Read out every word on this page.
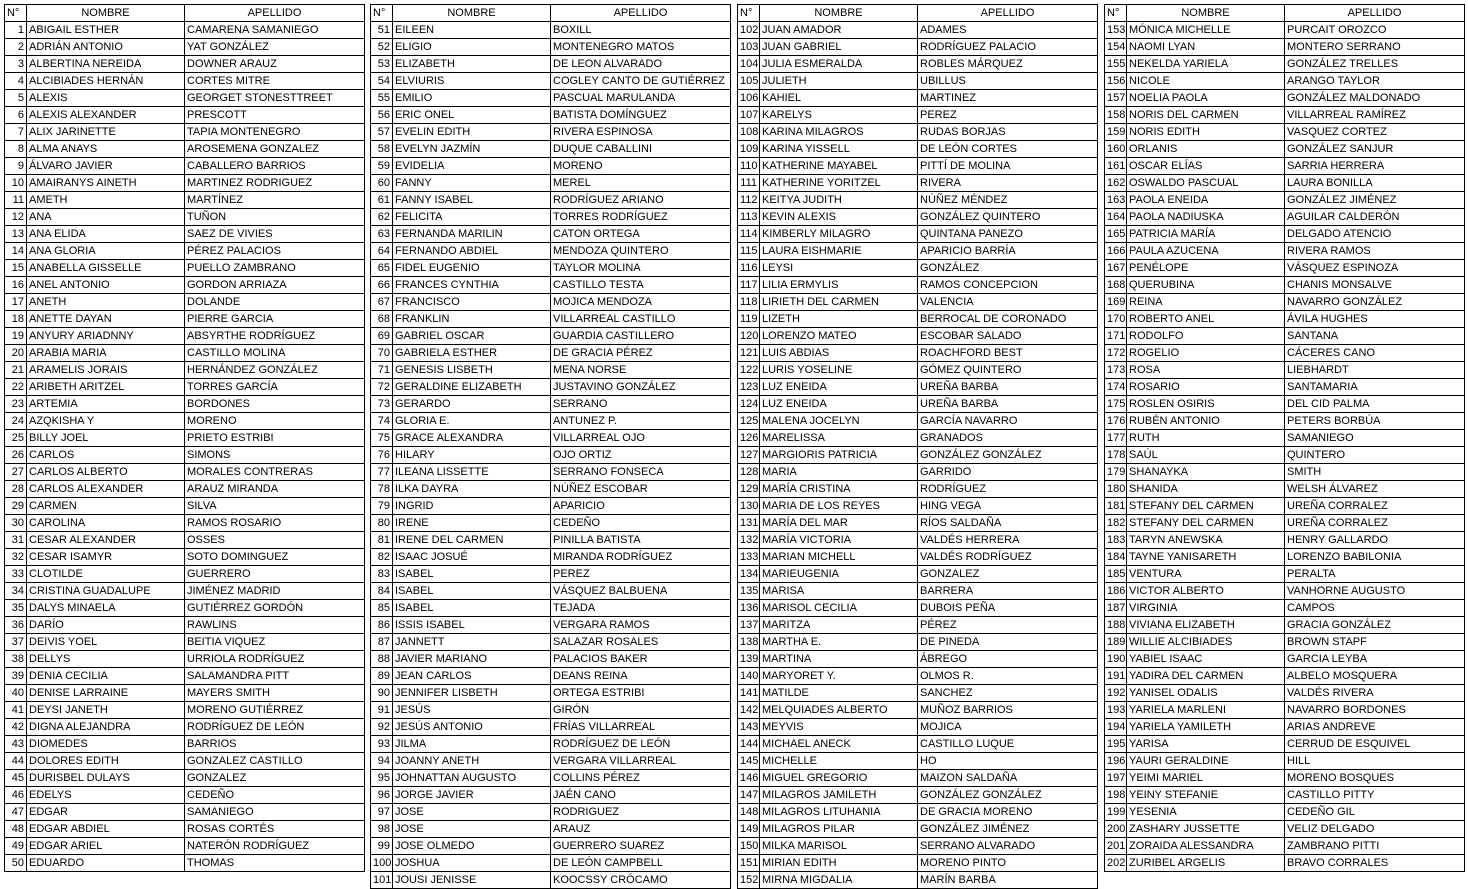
N°	NOMBRE	APELLIDO
1	ABIGAIL ESTHER	CAMARENA SAMANIEGO
2	ADRIÁN ANTONIO	YAT GONZÁLEZ
3	ALBERTINA NEREIDA	DOWNER ARAUZ
4	ALCIBIADES HERNÁN	CORTES MITRE
5	ALEXIS	GEORGET STONESTTREET
6	ALEXIS ALEXANDER	PRESCOTT
7	ALIX JARINETTE	TAPIA MONTENEGRO
8	ALMA ANAYS	AROSEMENA GONZALEZ
9	ÁLVARO JAVIER	CABALLERO BARRIOS
10	AMAIRANYS AINETH	MARTINEZ RODRIGUEZ
11	AMETH	MARTÍNEZ
12	ANA	TUÑON
13	ANA ELIDA	SAEZ DE VIVIES
14	ANA GLORIA	PÉREZ PALACIOS
15	ANABELLA GISSELLE	PUELLO ZAMBRANO
16	ANEL ANTONIO	GORDON ARRIAZA
17	ANETH	DOLANDE
18	ANETTE DAYAN	PIERRE GARCIA
19	ANYURY ARIADNNY	ABSYRTHE RODRÍGUEZ
20	ARABIA MARIA	CASTILLO MOLINA
21	ARAMELIS JORAIS	HERNÁNDEZ GONZÁLEZ
22	ARIBETH ARITZEL	TORRES GARCÍA
23	ARTEMIA	BORDONES
24	AZQKISHA Y	MORENO
25	BILLY JOEL	PRIETO ESTRIBI
26	CARLOS	SIMONS
27	CARLOS ALBERTO	MORALES CONTRERAS
28	CARLOS ALEXANDER	ARAUZ MIRANDA
29	CARMEN	SILVA
30	CAROLINA	RAMOS ROSARIO
31	CESAR ALEXANDER	OSSES
32	CESAR ISAMYR	SOTO DOMINGUEZ
33	CLOTILDE	GUERRERO
34	CRISTINA GUADALUPE	JIMÉNEZ MADRID
35	DALYS MINAELA	GUTIÉRREZ GORDÓN
36	DARÍO	RAWLINS
37	DEIVIS YOEL	BEITIA VIQUEZ
38	DELLYS	URRIOLA RODRÍGUEZ
39	DENIA CECILIA	SALAMANDRA PITT
40	DENISE LARRAINE	MAYERS SMITH
41	DEYSI JANETH	MORENO GUTIÉRREZ
42	DIGNA ALEJANDRA	RODRÍGUEZ DE LEÓN
43	DIOMEDES	BARRIOS
44	DOLORES EDITH	GONZALEZ CASTILLO
45	DURISBEL DULAYS	GONZALEZ
46	EDELYS	CEDEÑO
47	EDGAR	SAMANIEGO
48	EDGAR ABDIEL	ROSAS CORTÉS
49	EDGAR ARIEL	NATERÓN RODRÍGUEZ
50	EDUARDO	THOMAS
N°	NOMBRE	APELLIDO
51	EILEEN	BOXILL
52	ELIGIO	MONTENEGRO MATOS
53	ELIZABETH	DE LEON ALVARADO
54	ELVIURIS	COGLEY CANTO DE GUTIÉRREZ
55	EMILIO	PASCUAL MARULANDA
56	ERIC ONEL	BATISTA DOMÍNGUEZ
57	EVELIN EDITH	RIVERA ESPINOSA
58	EVELYN JAZMÍN	DUQUE CABALLINI
59	EVIDELIA	MORENO
60	FANNY	MEREL
61	FANNY ISABEL	RODRÍGUEZ ARIANO
62	FELICITA	TORRES RODRÍGUEZ
63	FERNANDA MARILIN	CATON ORTEGA
64	FERNANDO ABDIEL	MENDOZA QUINTERO
65	FIDEL EUGENIO	TAYLOR MOLINA
66	FRANCES CYNTHIA	CASTILLO TESTA
67	FRANCISCO	MOJICA MENDOZA
68	FRANKLIN	VILLARREAL CASTILLO
69	GABRIEL OSCAR	GUARDIA CASTILLERO
70	GABRIELA ESTHER	DE GRACIA PÉREZ
71	GENESIS LISBETH	MENA NORSE
72	GERALDINE ELIZABETH	JUSTAVINO GONZÁLEZ
73	GERARDO	SERRANO
74	GLORIA E.	ANTUNEZ P.
75	GRACE ALEXANDRA	VILLARREAL OJO
76	HILARY	OJO ORTIZ
77	ILEANA LISSETTE	SERRANO FONSECA
78	ILKA DAYRA	NÚÑEZ ESCOBAR
79	INGRID	APARICIO
80	IRENE	CEDEÑO
81	IRENE DEL CARMEN	PINILLA BATISTA
82	ISAAC JOSUÉ	MIRANDA RODRÍGUEZ
83	ISABEL	PEREZ
84	ISABEL	VÁSQUEZ BALBUENA
85	ISABEL	TEJADA
86	ISSIS ISABEL	VERGARA RAMOS
87	JANNETT	SALAZAR ROSALES
88	JAVIER MARIANO	PALACIOS BAKER
89	JEAN CARLOS	DEANS REINA
90	JENNIFER LISBETH	ORTEGA ESTRIBI
91	JESÚS	GIRÓN
92	JESÚS ANTONIO	FRÍAS VILLARREAL
93	JILMA	RODRÍGUEZ DE LEÓN
94	JOANNY ANETH	VERGARA VILLARREAL
95	JOHNATTAN AUGUSTO	COLLINS PÉREZ
96	JORGE JAVIER	JAÉN CANO
97	JOSE	RODRIGUEZ
98	JOSE	ARAUZ
99	JOSE OLMEDO	GUERRERO SUAREZ
100	JOSHUA	DE LEÓN CAMPBELL
101	JOUSI JENISSE	KOOCSSY CRÓCAMO
N°	NOMBRE	APELLIDO
102	JUAN AMADOR	ADAMES
103	JUAN GABRIEL	RODRÍGUEZ PALACIO
104	JULIA ESMERALDA	ROBLES MÁRQUEZ
105	JULIETH	UBILLUS
106	KAHIEL	MARTINEZ
107	KARELYS	PEREZ
108	KARINA MILAGROS	RUDAS BORJAS
109	KARINA YISSELL	DE LEÓN CORTES
110	KATHERINE MAYABEL	PITTÍ DE MOLINA
111	KATHERINE YORITZEL	RIVERA
112	KEITYA JUDITH	NÚÑEZ MÉNDEZ
113	KEVIN ALEXIS	GONZÁLEZ QUINTERO
114	KIMBERLY MILAGRO	QUINTANA PANEZO
115	LAURA EISHMARIE	APARICIO BARRÍA
116	LEYSI	GONZÁLEZ
117	LILIA ERMYLIS	RAMOS CONCEPCION
118	LIRIETH DEL CARMEN	VALENCIA
119	LIZETH	BERROCAL DE CORONADO
120	LORENZO MATEO	ESCOBAR SALADO
121	LUIS ABDIAS	ROACHFORD BEST
122	LURIS YOSELINE	GÓMEZ QUINTERO
123	LUZ ENEIDA	UREÑA BARBA
124	LUZ ENEIDA	UREÑA BARBA
125	MALENA JOCELYN	GARCÍA NAVARRO
126	MARELISSA	GRANADOS
127	MARGIORIS PATRICIA	GONZÁLEZ GONZÁLEZ
128	MARIA	GARRIDO
129	MARÍA CRISTINA	RODRÍGUEZ
130	MARIA DE LOS REYES	HING VEGA
131	MARÍA DEL MAR	RÍOS SALDAÑA
132	MARÍA VICTORIA	VALDÉS HERRERA
133	MARIAN MICHELL	VALDÉS RODRÍGUEZ
134	MARIEUGENIA	GONZALEZ
135	MARISA	BARRERA
136	MARISOL CECILIA	DUBOIS PEÑA
137	MARITZA	PÉREZ
138	MARTHA E.	DE PINEDA
139	MARTINA	ÁBREGO
140	MARYORET Y.	OLMOS R.
141	MATILDE	SANCHEZ
142	MELQUIADES ALBERTO	MUÑOZ BARRIOS
143	MEYVIS	MOJICA
144	MICHAEL ANECK	CASTILLO LUQUE
145	MICHELLE	HO
146	MIGUEL GREGORIO	MAIZON SALDAÑA
147	MILAGROS JAMILETH	GONZÁLEZ GONZÁLEZ
148	MILAGROS LITUHANIA	DE GRACIA MORENO
149	MILAGROS PILAR	GONZÁLEZ JIMÉNEZ
150	MILKA MARISOL	SERRANO ALVARADO
151	MIRIAN EDITH	MORENO PINTO
152	MIRNA MIGDALIA	MARÍN BARBA
N°	NOMBRE	APELLIDO
153	MÓNICA MICHELLE	PURCAIT OROZCO
154	NAOMI LYAN	MONTERO SERRANO
155	NEKELDA YARIELA	GONZÁLEZ TRELLES
156	NICOLE	ARANGO TAYLOR
157	NOELIA PAOLA	GONZÁLEZ MALDONADO
158	NORIS DEL CARMEN	VILLARREAL RAMÍREZ
159	NORIS EDITH	VASQUEZ CORTEZ
160	ORLANIS	GONZÁLEZ SANJUR
161	OSCAR ELÍAS	SARRIA HERRERA
162	OSWALDO PASCUAL	LAURA BONILLA
163	PAOLA ENEIDA	GONZÁLEZ JIMÉNEZ
164	PAOLA NADIUSKA	AGUILAR CALDERÓN
165	PATRICIA MARÍA	DELGADO ATENCIO
166	PAULA AZUCENA	RIVERA RAMOS
167	PENÉLOPE	VÁSQUEZ ESPINOZA
168	QUERUBINA	CHANIS MONSALVE
169	REINA	NAVARRO GONZÁLEZ
170	ROBERTO ANEL	ÁVILA HUGHES
171	RODOLFO	SANTANA
172	ROGELIO	CÁCERES CANO
173	ROSA	LIEBHARDT
174	ROSARIO	SANTAMARIA
175	ROSLEN OSIRIS	DEL CID PALMA
176	RUBÉN ANTONIO	PETERS BORBÚA
177	RUTH	SAMANIEGO
178	SAÚL	QUINTERO
179	SHANAYKA	SMITH
180	SHANIDA	WELSH ÁLVAREZ
181	STEFANY DEL CARMEN	UREÑA CORRALEZ
182	STEFANY DEL CARMEN	UREÑA CORRALEZ
183	TARYN ANEWSKA	HENRY GALLARDO
184	TAYNE YANISARETH	LORENZO BABILONIA
185	VENTURA	PERALTA
186	VICTOR ALBERTO	VANHORNE AUGUSTO
187	VIRGINIA	CAMPOS
188	VIVIANA ELIZABETH	GRACIA GONZÁLEZ
189	WILLIE ALCIBIADES	BROWN STAPF
190	YABIEL ISAAC	GARCIA LEYBA
191	YADIRA DEL CARMEN	ALBELO MOSQUERA
192	YANISEL ODALIS	VALDÉS RIVERA
193	YARIELA MARLENI	NAVARRO BORDONES
194	YARIELA YAMILETH	ARIAS ANDREVE
195	YARISA	CERRUD DE ESQUIVEL
196	YAURI GERALDINE	HILL
197	YEIMI MARIEL	MORENO BOSQUES
198	YEINY STEFANIE	CASTILLO PITTY
199	YESENIA	CEDEÑO GIL
200	ZASHARY JUSSETTE	VELIZ DELGADO
201	ZORAIDA ALESSANDRA	ZAMBRANO PITTI
202	ZURIBEL ARGELIS	BRAVO CORRALES
